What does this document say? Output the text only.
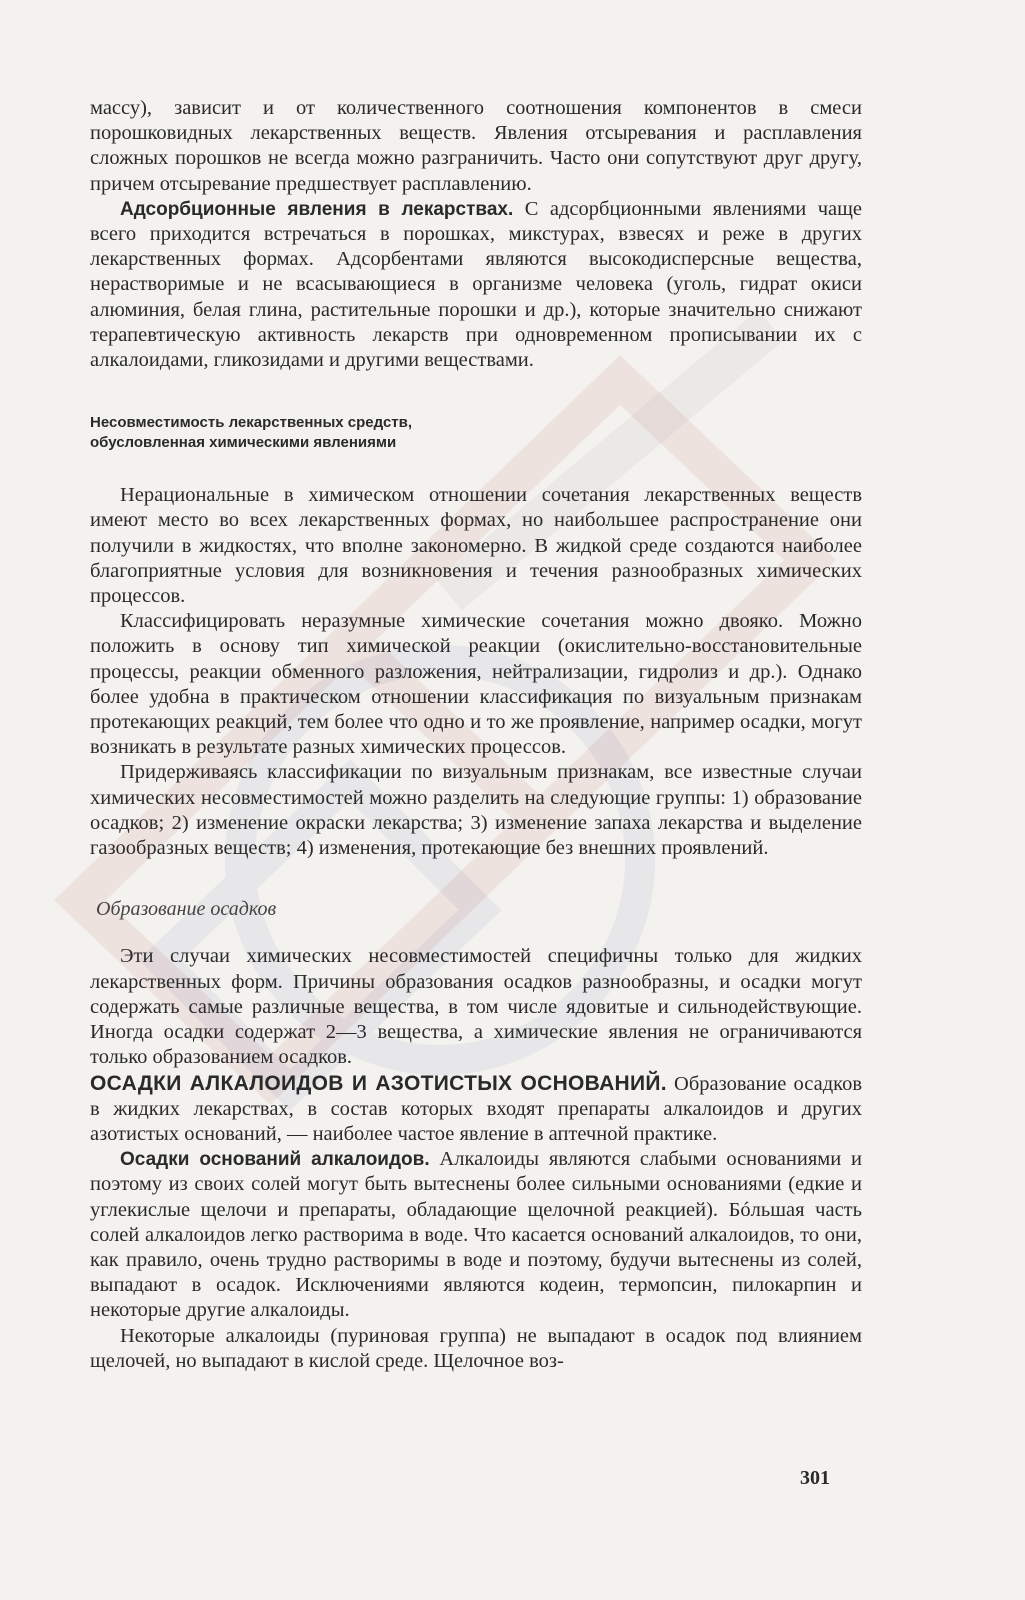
массу), зависит и от количественного соотношения компонентов в смеси порошковидных лекарственных веществ. Явления отсыревания и расплавления сложных порошков не всегда можно разграничить. Часто они сопутствуют друг другу, причем отсыревание предшествует расплавлению.

Адсорбционные явления в лекарствах. С адсорбционными явлениями чаще всего приходится встречаться в порошках, микстурах, взвесях и реже в других лекарственных формах. Адсорбентами являются высокодисперсные вещества, нерастворимые и не всасывающиеся в организме человека (уголь, гидрат окиси алюминия, белая глина, растительные порошки и др.), которые значительно снижают терапевтическую активность лекарств при одновременном прописывании их с алкалоидами, гликозидами и другими веществами.

Несовместимость лекарственных средств,
обусловленная химическими явлениями

Нерациональные в химическом отношении сочетания лекарственных веществ имеют место во всех лекарственных формах, но наибольшее распространение они получили в жидкостях, что вполне закономерно. В жидкой среде создаются наиболее благоприятные условия для возникновения и течения разнообразных химических процессов.

Классифицировать неразумные химические сочетания можно двояко. Можно положить в основу тип химической реакции (окислительно-восстановительные процессы, реакции обменного разложения, нейтрализации, гидролиз и др.). Однако более удобна в практическом отношении классификация по визуальным признакам протекающих реакций, тем более что одно и то же проявление, например осадки, могут возникать в результате разных химических процессов.

Придерживаясь классификации по визуальным признакам, все известные случаи химических несовместимостей можно разделить на следующие группы: 1) образование осадков; 2) изменение окраски лекарства; 3) изменение запаха лекарства и выделение газообразных веществ; 4) изменения, протекающие без внешних проявлений.

Образование осадков

Эти случаи химических несовместимостей специфичны только для жидких лекарственных форм. Причины образования осадков разнообразны, и осадки могут содержать самые различные вещества, в том числе ядовитые и сильнодействующие. Иногда осадки содержат 2—3 вещества, а химические явления не ограничиваются только образованием осадков.

ОСАДКИ АЛКАЛОИДОВ И АЗОТИСТЫХ ОСНОВАНИЙ. Образование осадков в жидких лекарствах, в состав которых входят препараты алкалоидов и других азотистых оснований, — наиболее частое явление в аптечной практике.

Осадки оснований алкалоидов. Алкалоиды являются слабыми основаниями и поэтому из своих солей могут быть вытеснены более сильными основаниями (едкие и углекислые щелочи и препараты, обладающие щелочной реакцией). Бóльшая часть солей алкалоидов легко растворима в воде. Что касается оснований алкалоидов, то они, как правило, очень трудно растворимы в воде и поэтому, будучи вытеснены из солей, выпадают в осадок. Исключениями являются кодеин, термопсин, пилокарпин и некоторые другие алкалоиды.

Некоторые алкалоиды (пуриновая группа) не выпадают в осадок под влиянием щелочей, но выпадают в кислой среде. Щелочное воз-

301
